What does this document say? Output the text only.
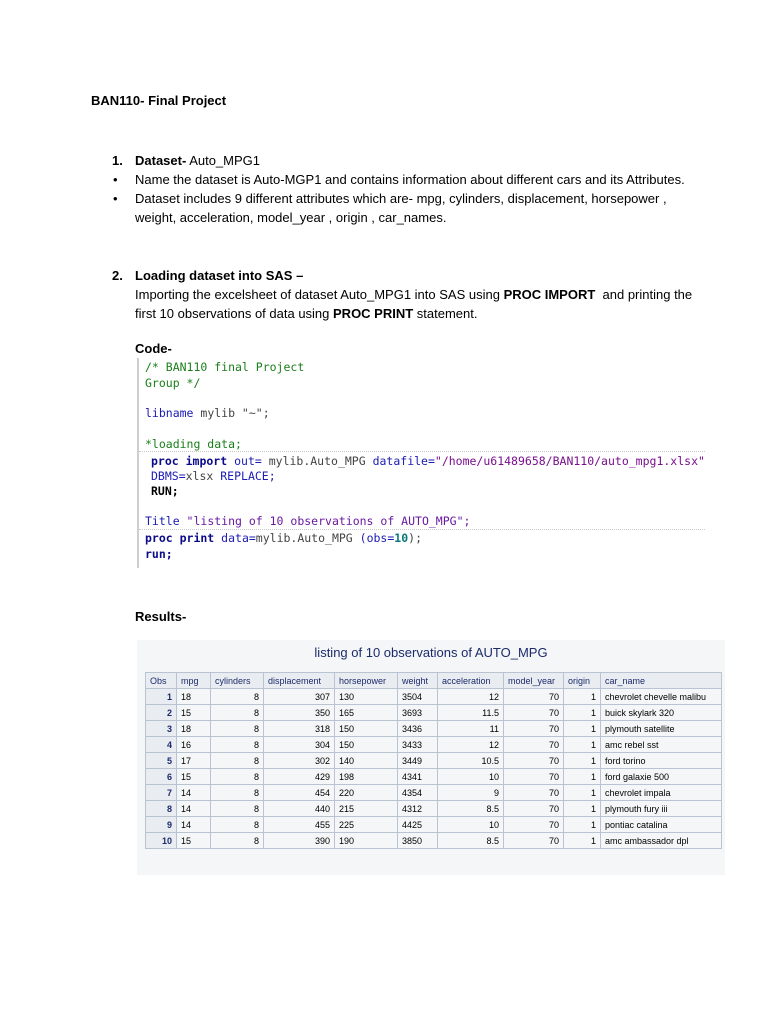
BAN110- Final Project
1. Dataset- Auto_MPG1
• Name the dataset is Auto-MGP1 and contains information about different cars and its Attributes.
• Dataset includes 9 different attributes which are- mpg, cylinders, displacement, horsepower ,
weight, acceleration, model_year , origin , car_names.
2. Loading dataset into SAS –
Importing the excelsheet of dataset Auto_MPG1 into SAS using PROC IMPORT  and printing the
first 10 observations of data using PROC PRINT statement.
Code-
/* BAN110 final Project
Group */
libname mylib "~";
*loading data;
proc import out= mylib.Auto_MPG datafile="/home/u61489658/BAN110/auto_mpg1.xlsx"
DBMS=xlsx REPLACE;
RUN;
Title "listing of 10 observations of AUTO_MPG";
proc print data=mylib.Auto_MPG (obs=10);
run;
Results-
listing of 10 observations of AUTO_MPG
Obs	mpg	cylinders	displacement	horsepower	weight	acceleration	model_year	origin	car_name
1	18	8	307	130	3504	12	70	1	chevrolet chevelle malibu
2	15	8	350	165	3693	11.5	70	1	buick skylark 320
3	18	8	318	150	3436	11	70	1	plymouth satellite
4	16	8	304	150	3433	12	70	1	amc rebel sst
5	17	8	302	140	3449	10.5	70	1	ford torino
6	15	8	429	198	4341	10	70	1	ford galaxie 500
7	14	8	454	220	4354	9	70	1	chevrolet impala
8	14	8	440	215	4312	8.5	70	1	plymouth fury iii
9	14	8	455	225	4425	10	70	1	pontiac catalina
10	15	8	390	190	3850	8.5	70	1	amc ambassador dpl
